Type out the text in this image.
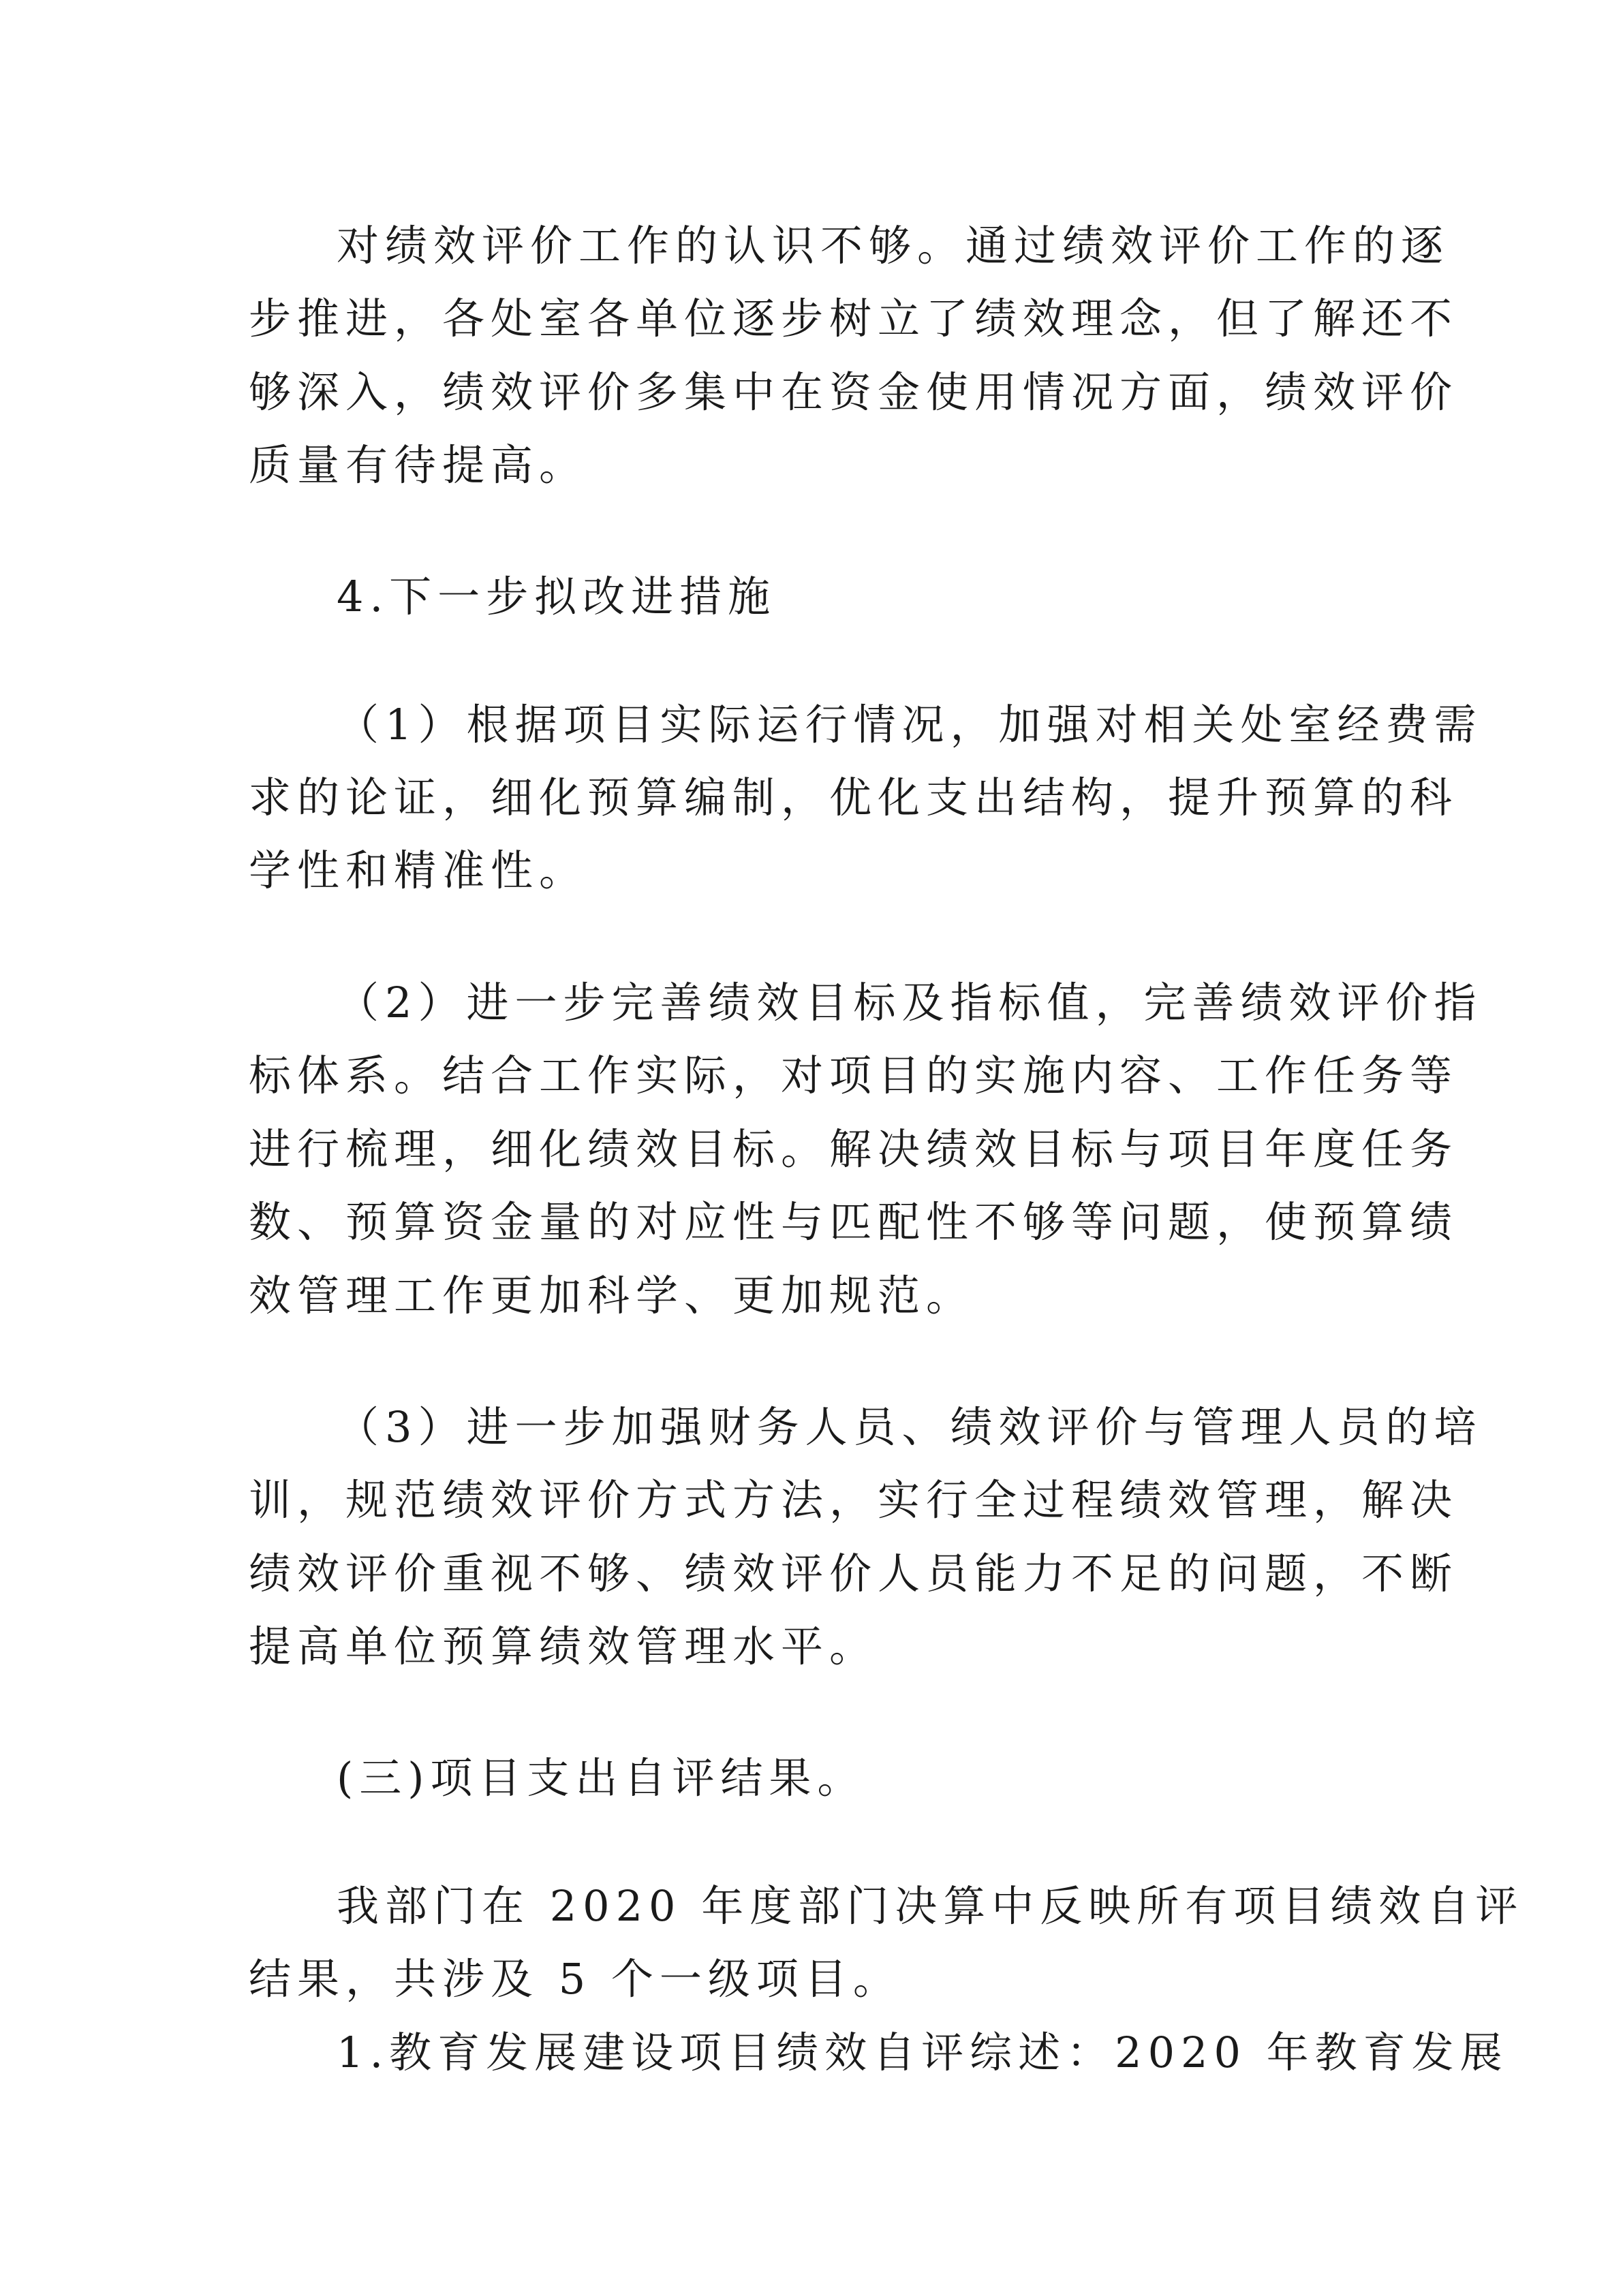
对绩效评价工作的认识不够。通过绩效评价工作的逐
步推进，各处室各单位逐步树立了绩效理念，但了解还不
够深入，绩效评价多集中在资金使用情况方面，绩效评价
质量有待提高。
4.下一步拟改进措施
（1）根据项目实际运行情况，加强对相关处室经费需
求的论证，细化预算编制，优化支出结构，提升预算的科
学性和精准性。
（2）进一步完善绩效目标及指标值，完善绩效评价指
标体系。结合工作实际，对项目的实施内容、工作任务等
进行梳理，细化绩效目标。解决绩效目标与项目年度任务
数、预算资金量的对应性与匹配性不够等问题，使预算绩
效管理工作更加科学、更加规范。
（3）进一步加强财务人员、绩效评价与管理人员的培
训，规范绩效评价方式方法，实行全过程绩效管理，解决
绩效评价重视不够、绩效评价人员能力不足的问题，不断
提高单位预算绩效管理水平。
(三)项目支出自评结果。
我部门在 2020 年度部门决算中反映所有项目绩效自评
结果，共涉及 5 个一级项目。
1.教育发展建设项目绩效自评综述：2020 年教育发展
